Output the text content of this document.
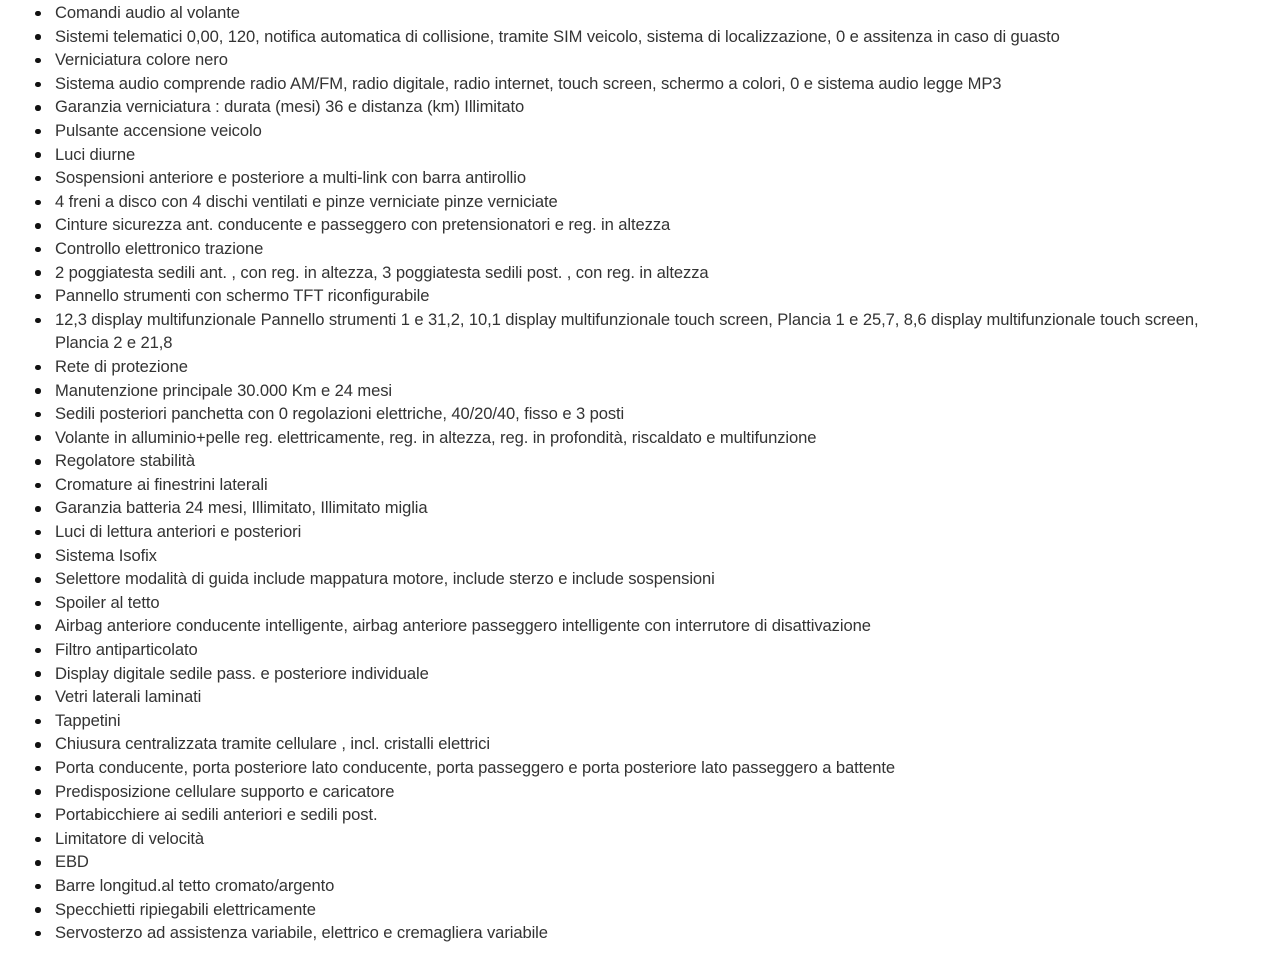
Comandi audio al volante
Sistemi telematici 0,00, 120, notifica automatica di collisione, tramite SIM veicolo, sistema di localizzazione, 0 e assitenza in caso di guasto
Verniciatura colore nero
Sistema audio comprende radio AM/FM, radio digitale, radio internet, touch screen, schermo a colori, 0 e sistema audio legge MP3
Garanzia verniciatura : durata (mesi) 36 e distanza (km) Illimitato
Pulsante accensione veicolo
Luci diurne
Sospensioni anteriore e posteriore a multi-link con barra antirollio
4 freni a disco con 4 dischi ventilati e pinze verniciate pinze verniciate
Cinture sicurezza ant. conducente e passeggero con pretensionatori e reg. in altezza
Controllo elettronico trazione
2 poggiatesta sedili ant. , con reg. in altezza, 3 poggiatesta sedili post. , con reg. in altezza
Pannello strumenti con schermo TFT riconfigurabile
12,3 display multifunzionale Pannello strumenti 1 e 31,2, 10,1 display multifunzionale touch screen, Plancia 1 e 25,7, 8,6 display multifunzionale touch screen, Plancia 2 e 21,8
Rete di protezione
Manutenzione principale 30.000 Km e 24 mesi
Sedili posteriori panchetta con 0 regolazioni elettriche, 40/20/40, fisso e 3 posti
Volante in alluminio+pelle reg. elettricamente, reg. in altezza, reg. in profondità, riscaldato e multifunzione
Regolatore stabilità
Cromature ai finestrini laterali
Garanzia batteria 24 mesi, Illimitato, Illimitato miglia
Luci di lettura anteriori e posteriori
Sistema Isofix
Selettore modalità di guida include mappatura motore, include sterzo e include sospensioni
Spoiler al tetto
Airbag anteriore conducente intelligente, airbag anteriore passeggero intelligente con interrutore di disattivazione
Filtro antiparticolato
Display digitale sedile pass. e posteriore individuale
Vetri laterali laminati
Tappetini
Chiusura centralizzata tramite cellulare , incl. cristalli elettrici
Porta conducente, porta posteriore lato conducente, porta passeggero e porta posteriore lato passeggero a battente
Predisposizione cellulare supporto e caricatore
Portabicchiere ai sedili anteriori e sedili post.
Limitatore di velocità
EBD
Barre longitud.al tetto cromato/argento
Specchietti ripiegabili elettricamente
Servosterzo ad assistenza variabile, elettrico e cremagliera variabile
